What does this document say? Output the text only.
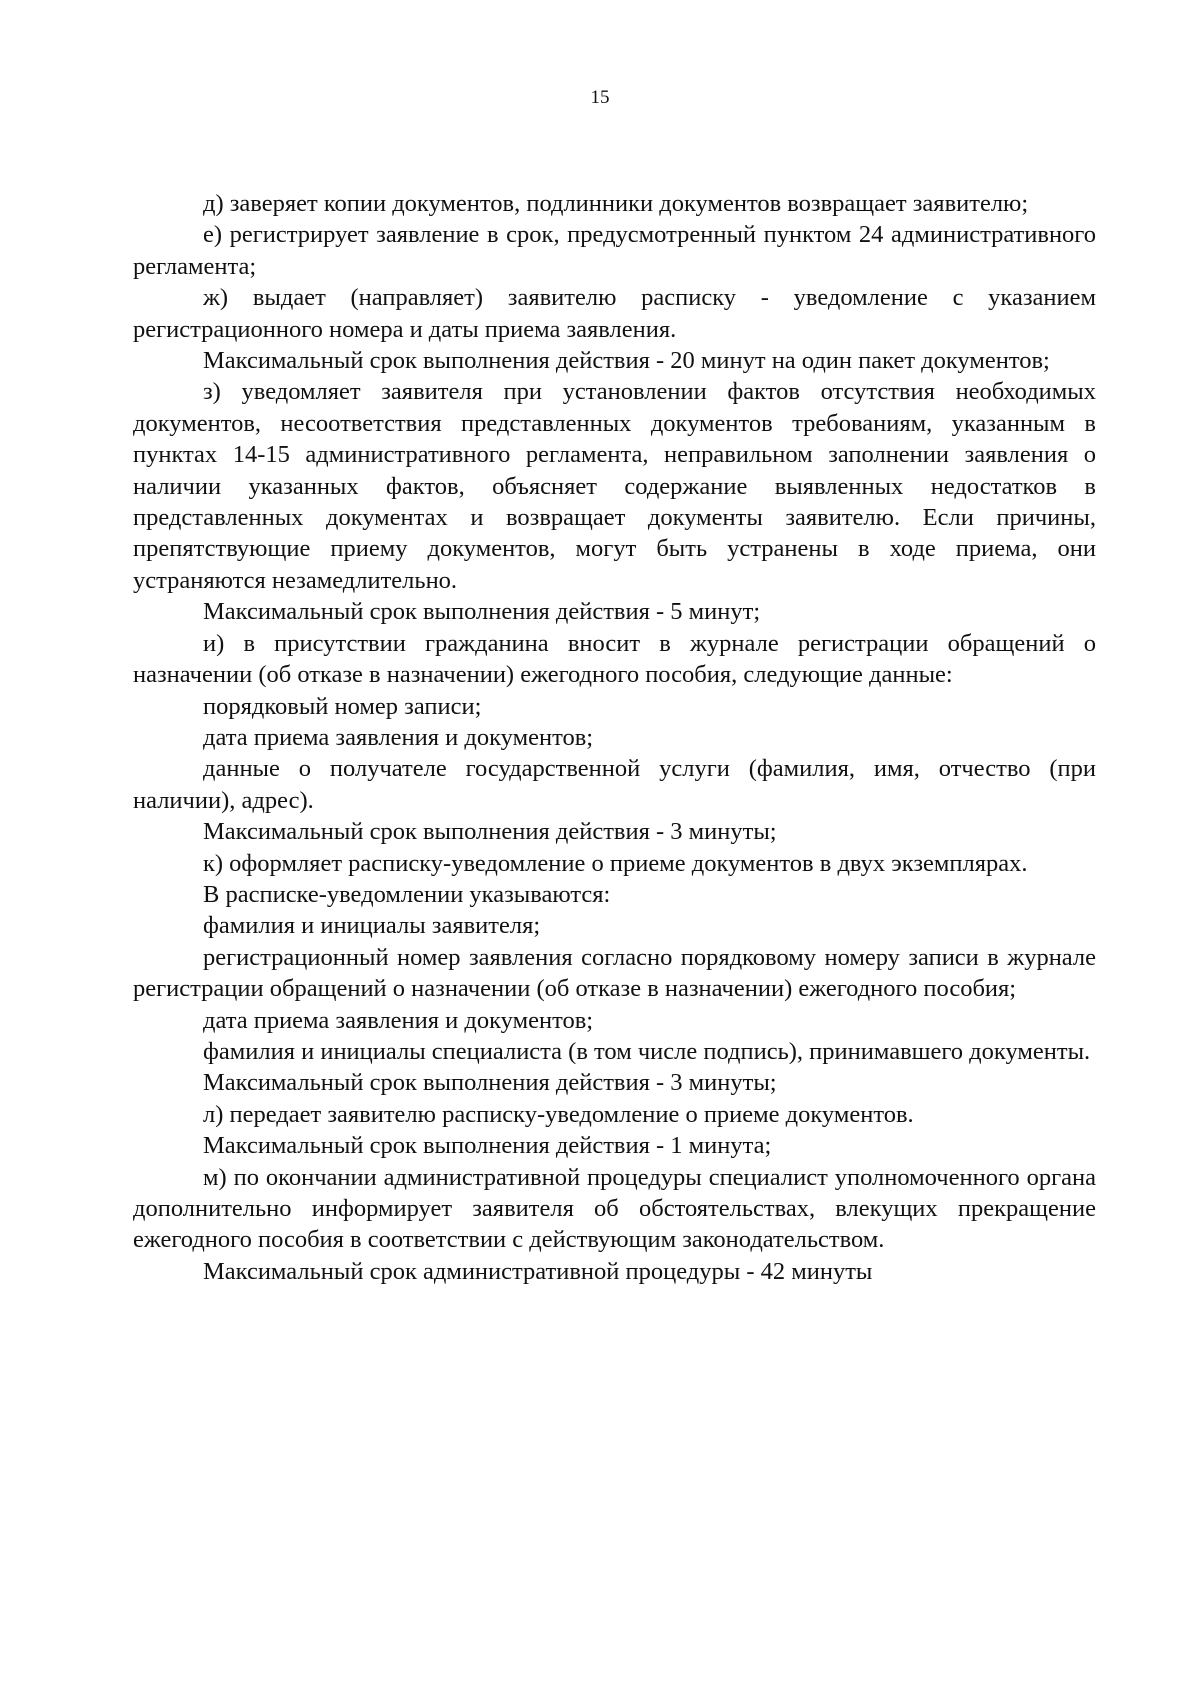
15

д) заверяет копии документов, подлинники документов возвращает заявителю;

е) регистрирует заявление в срок, предусмотренный пунктом 24 административного регламента;

ж) выдает (направляет) заявителю расписку - уведомление с указанием регистрационного номера и даты приема заявления.

Максимальный срок выполнения действия - 20 минут на один пакет документов;

з) уведомляет заявителя при установлении фактов отсутствия необходимых документов, несоответствия представленных документов требованиям, указанным в пунктах 14-15 административного регламента, неправильном заполнении заявления о наличии указанных фактов, объясняет содержание выявленных недостатков в представленных документах и возвращает документы заявителю. Если причины, препятствующие приему документов, могут быть устранены в ходе приема, они устраняются незамедлительно.

Максимальный срок выполнения действия - 5 минут;

и) в присутствии гражданина вносит в журнале регистрации обращений о назначении (об отказе в назначении) ежегодного пособия, следующие данные:

порядковый номер записи;

дата приема заявления и документов;

данные о получателе государственной услуги (фамилия, имя, отчество (при наличии), адрес).

Максимальный срок выполнения действия - 3 минуты;

к) оформляет расписку-уведомление о приеме документов в двух экземплярах.

В расписке-уведомлении указываются:

фамилия и инициалы заявителя;

регистрационный номер заявления согласно порядковому номеру записи в журнале регистрации обращений о назначении (об отказе в назначении) ежегодного пособия;

дата приема заявления и документов;

фамилия и инициалы специалиста (в том числе подпись), принимавшего документы.

Максимальный срок выполнения действия - 3 минуты;

л) передает заявителю расписку-уведомление о приеме документов.

Максимальный срок выполнения действия - 1 минута;

м) по окончании административной процедуры специалист уполномоченного органа дополнительно информирует заявителя об обстоятельствах, влекущих прекращение ежегодного пособия в соответствии с действующим законодательством.

Максимальный срок административной процедуры - 42 минуты
